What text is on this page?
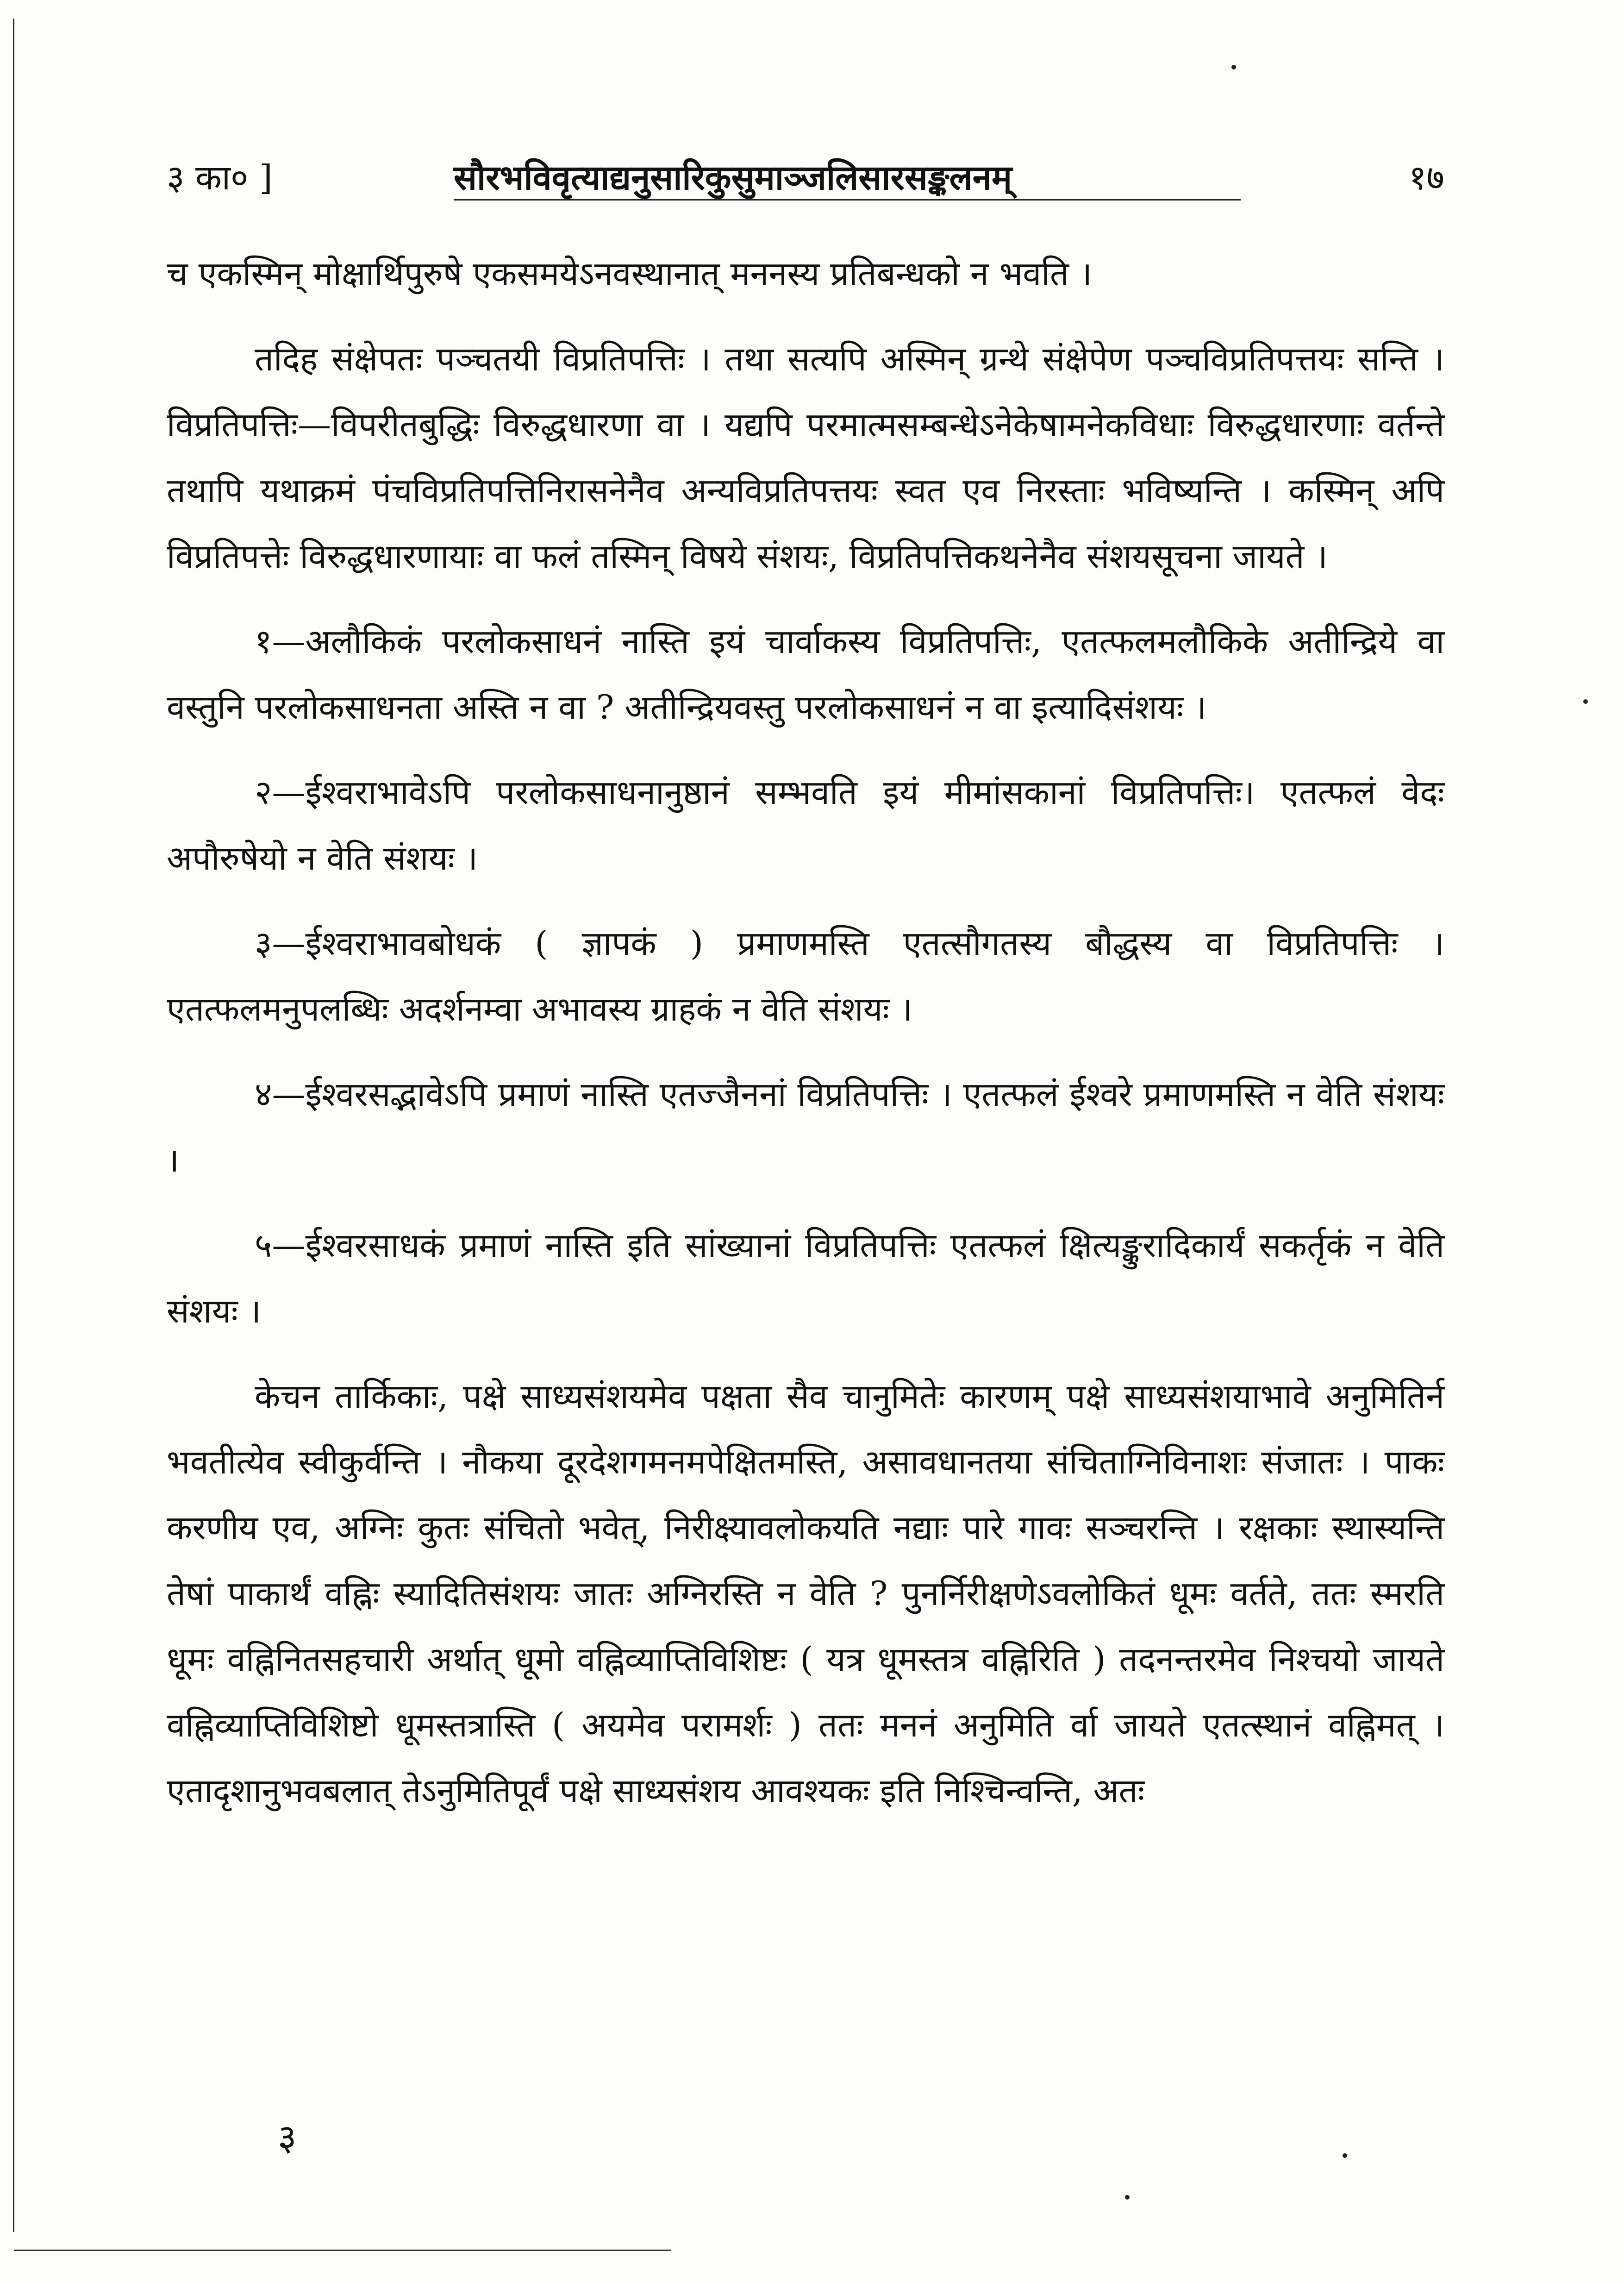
३ का० ]	सौरभविवृत्याद्यनुसारिकुसुमाञ्जलिसारसङ्कलनम्	१७

च एकस्मिन् मोक्षार्थिपुरुषे एकसमयेऽनवस्थानात् मननस्य प्रतिबन्धको न भवति ।

तदिह संक्षेपतः पञ्चतयी विप्रतिपत्तिः । तथा सत्यपि अस्मिन् ग्रन्थे संक्षेपेण पञ्चविप्रतिपत्तयः सन्ति । विप्रतिपत्तिः—विपरीतबुद्धिः विरुद्धधारणा वा । यद्यपि परमात्मसम्बन्धेऽनेकेषामनेकविधाः विरुद्धधारणाः वर्तन्ते तथापि यथाक्रमं पंचविप्रतिपत्तिनिरासनेनैव अन्यविप्रतिपत्तयः स्वत एव निरस्ताः भविष्यन्ति । कस्मिन् अपि विप्रतिपत्तेः विरुद्धधारणायाः वा फलं तस्मिन् विषये संशयः, विप्रतिपत्तिकथनेनैव संशयसूचना जायते ।

१—अलौकिकं परलोकसाधनं नास्ति इयं चार्वाकस्य विप्रतिपत्तिः, एतत्फलमलौकिके अतीन्द्रिये वा वस्तुनि परलोकसाधनता अस्ति न वा ? अतीन्द्रियवस्तु परलोकसाधनं न वा इत्यादिसंशयः ।

२—ईश्वराभावेऽपि परलोकसाधनानुष्ठानं सम्भवति इयं मीमांसकानां विप्रतिपत्तिः। एतत्फलं वेदः अपौरुषेयो न वेति संशयः ।

३—ईश्वराभावबोधकं ( ज्ञापकं ) प्रमाणमस्ति एतत्सौगतस्य बौद्धस्य वा विप्रतिपत्तिः । एतत्फलमनुपलब्धिः अदर्शनम्वा अभावस्य ग्राहकं न वेति संशयः ।

४—ईश्वरसद्भावेऽपि प्रमाणं नास्ति एतज्जैननां विप्रतिपत्तिः । एतत्फलं ईश्वरे प्रमाणमस्ति न वेति संशयः ।

५—ईश्वरसाधकं प्रमाणं नास्ति इति सांख्यानां विप्रतिपत्तिः एतत्फलं क्षित्यङ्कुरादिकार्यं सकर्तृकं न वेति संशयः ।

केचन तार्किकाः, पक्षे साध्यसंशयमेव पक्षता सैव चानुमितेः कारणम् पक्षे साध्यसंशयाभावे अनुमितिर्न भवतीत्येव स्वीकुर्वन्ति । नौकया दूरदेशगमनमपेक्षितमस्ति, असावधानतया संचिताग्निविनाशः संजातः । पाकः करणीय एव, अग्निः कुतः संचितो भवेत्, निरीक्ष्यावलोकयति नद्याः पारे गावः सञ्चरन्ति । रक्षकाः स्थास्यन्ति तेषां पाकार्थं वह्निः स्यादितिसंशयः जातः अग्निरस्ति न वेति ? पुनर्निरीक्षणेऽवलोकितं धूमः वर्तते, ततः स्मरति धूमः वह्निनितसहचारी अर्थात् धूमो वह्निव्याप्तिविशिष्टः ( यत्र धूमस्तत्र वह्निरिति ) तदनन्तरमेव निश्चयो जायते वह्निव्याप्तिविशिष्टो धूमस्तत्रास्ति ( अयमेव परामर्शः ) ततः मननं अनुमिति र्वा जायते एतत्स्थानं वह्निमत् । एतादृशानुभवबलात् तेऽनुमितिपूर्वं पक्षे साध्यसंशय आवश्यकः इति निश्चिन्वन्ति, अतः

३
